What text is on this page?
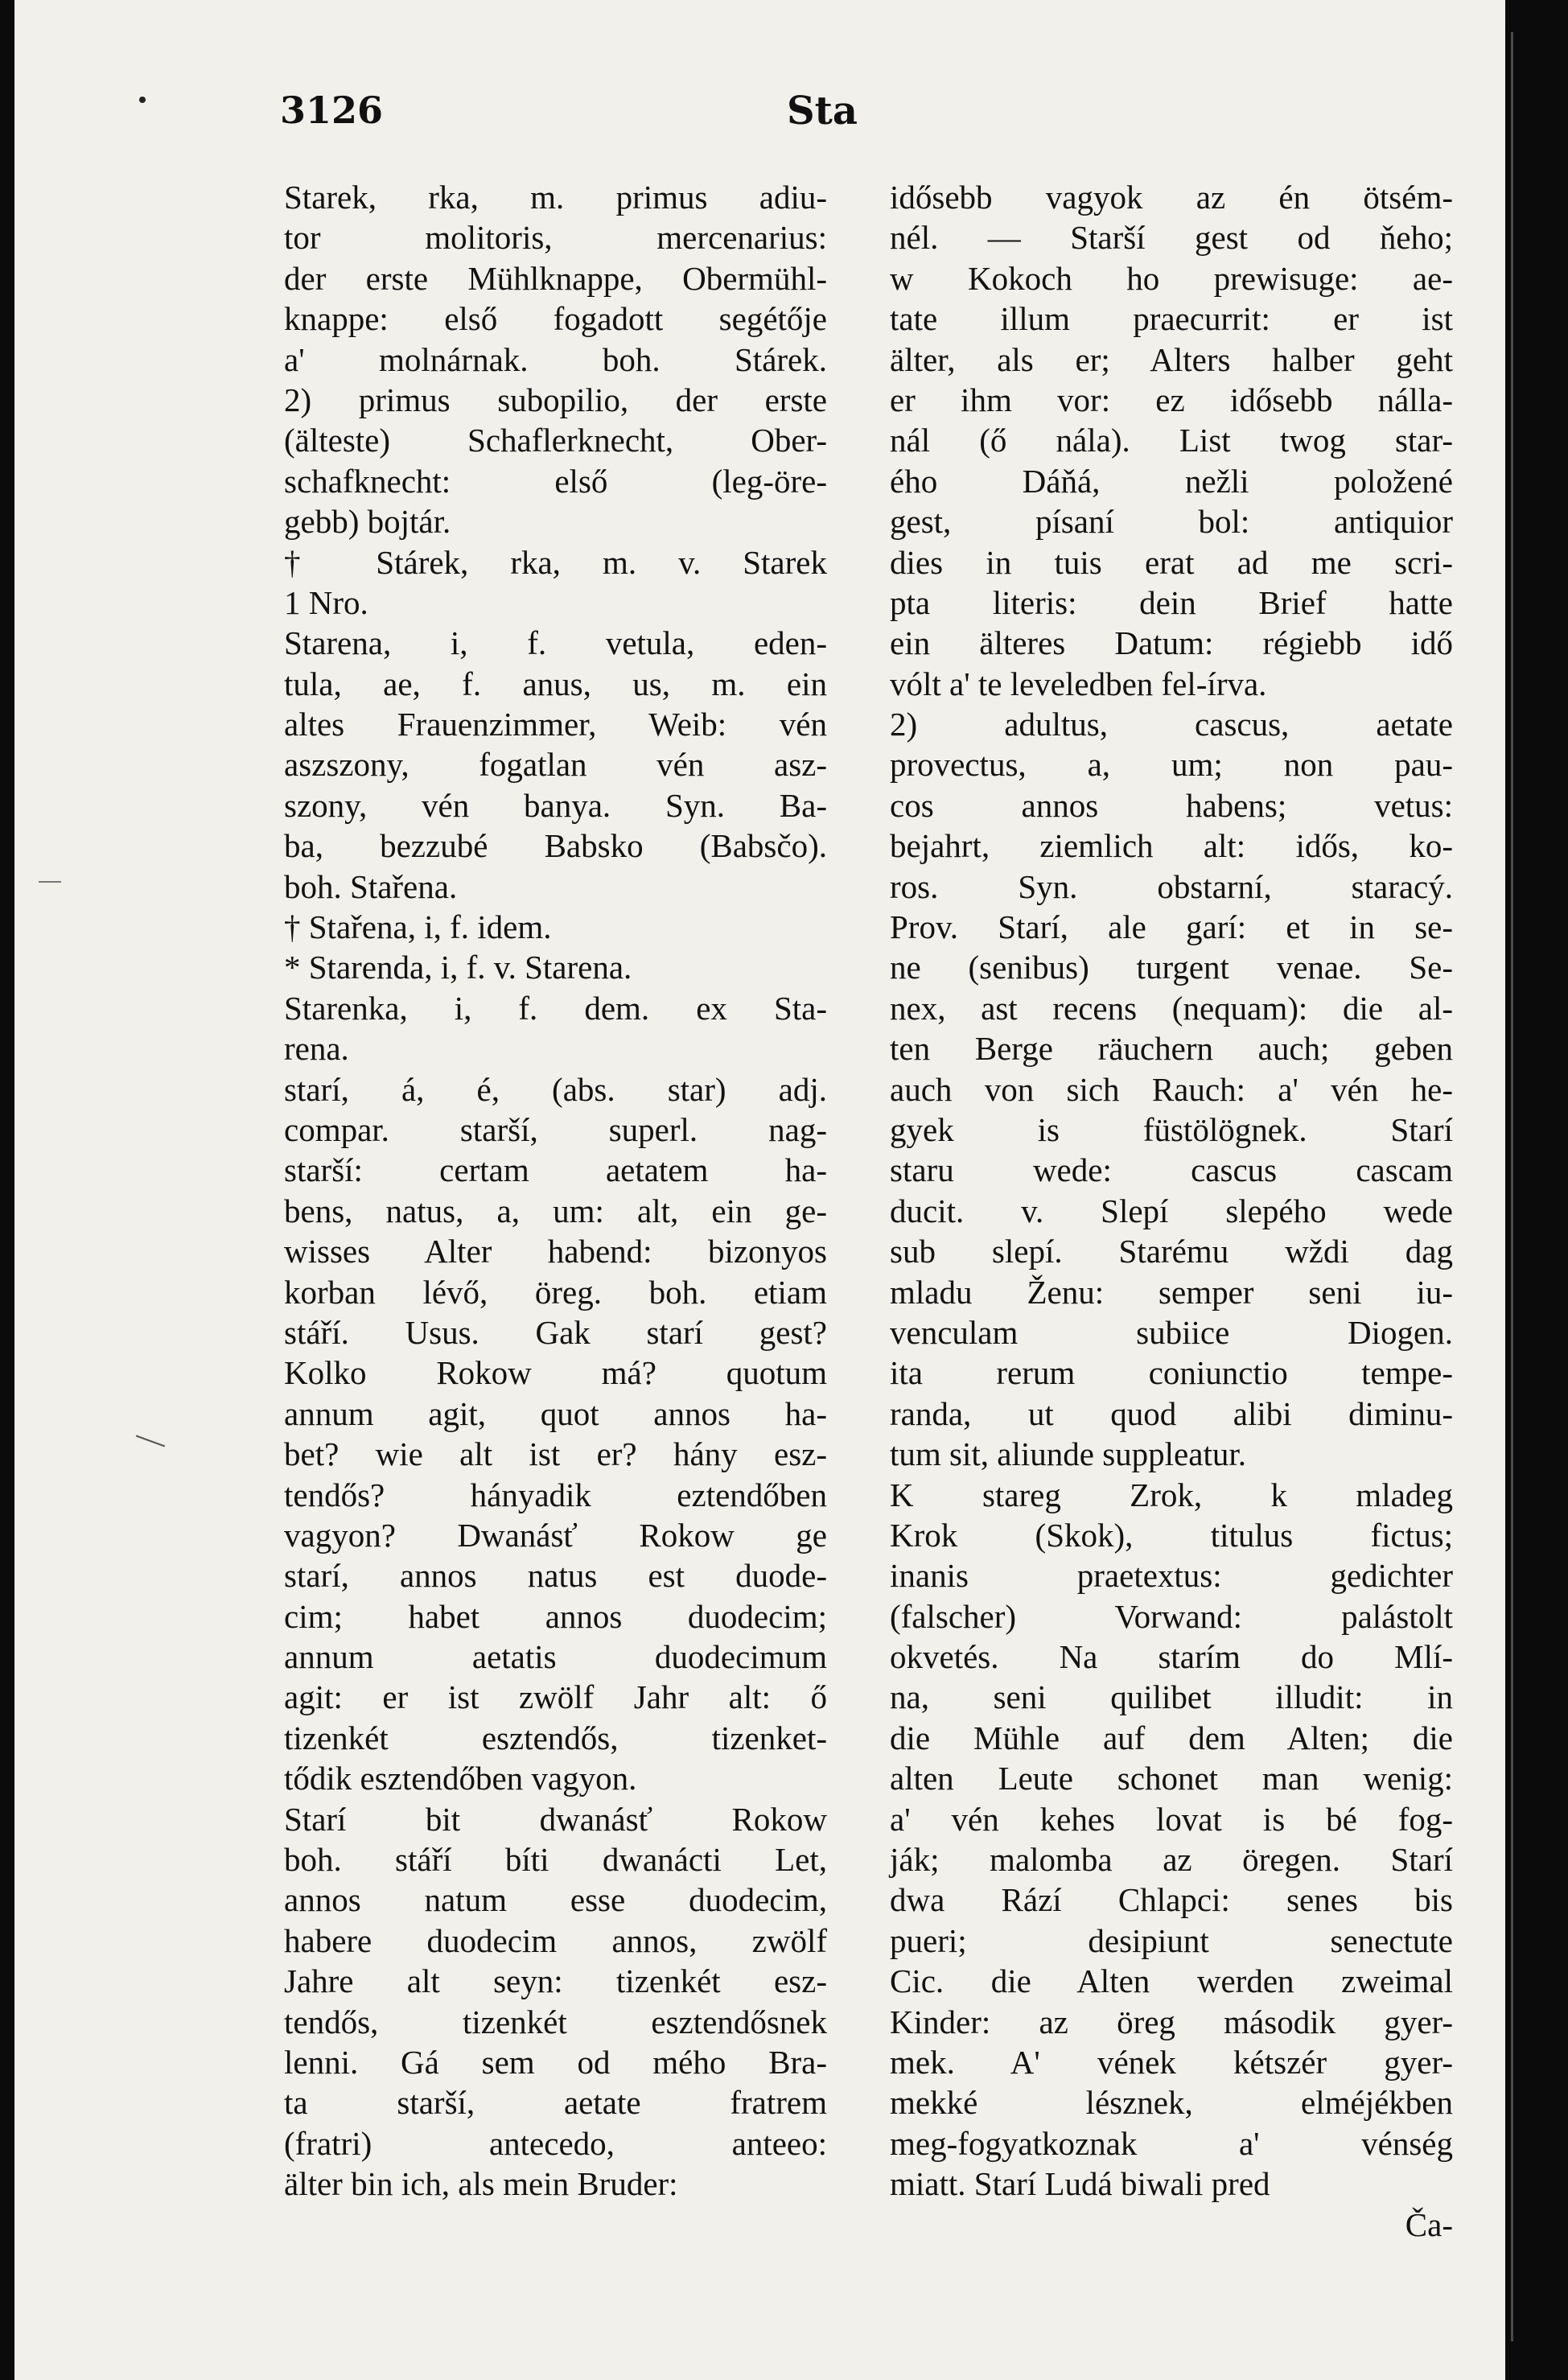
3126	Sta
Starek, rka, m. primus adiu-
tor molitoris, mercenarius:
der erste Mühlknappe, Obermühl-
knappe: első fogadott segétője
a' molnárnak. boh. Stárek.
2) primus subopilio, der erste
(älteste) Schaflerknecht, Ober-
schafknecht: első (leg-öre-
gebb) bojtár.
† Stárek, rka, m. v. Starek
1 Nro.
Starena, i, f. vetula, eden-
tula, ae, f. anus, us, m. ein
altes Frauenzimmer, Weib: vén
aszszony, fogatlan vén asz-
szony, vén banya. Syn. Ba-
ba, bezzubé Babsko (Babsčo).
boh. Stařena.
† Stařena, i, f. idem.
* Starenda, i, f. v. Starena.
Starenka, i, f. dem. ex Sta-
rena.
starí, á, é, (abs. star) adj.
compar. starší, superl. nag-
starší: certam aetatem ha-
bens, natus, a, um: alt, ein ge-
wisses Alter habend: bizonyos
korban lévő, öreg. boh. etiam
stáří. Usus. Gak starí gest?
Kolko Rokow má? quotum
annum agit, quot annos ha-
bet? wie alt ist er? hány esz-
tendős? hányadik eztendőben
vagyon? Dwanásť Rokow ge
starí, annos natus est duode-
cim; habet annos duodecim;
annum aetatis duodecimum
agit: er ist zwölf Jahr alt: ő
tizenkét esztendős, tizenket-
tődik esztendőben vagyon.
Starí bit dwanásť Rokow
boh. stáří bíti dwanácti Let,
annos natum esse duodecim,
habere duodecim annos, zwölf
Jahre alt seyn: tizenkét esz-
tendős, tizenkét esztendősnek
lenni. Gá sem od mého Bra-
ta starší, aetate fratrem
(fratri) antecedo, anteeo:
älter bin ich, als mein Bruder:
idősebb vagyok az én ötsém-
nél. — Starší gest od ňeho;
w Kokoch ho prewisuge: ae-
tate illum praecurrit: er ist
älter, als er; Alters halber geht
er ihm vor: ez idősebb nálla-
nál (ő nála). List twog star-
ého Dáňá, nežli položené
gest, písaní bol: antiquior
dies in tuis erat ad me scri-
pta literis: dein Brief hatte
ein älteres Datum: régiebb idő
vólt a' te leveledben fel-írva.
2) adultus, cascus, aetate
provectus, a, um; non pau-
cos annos habens; vetus:
bejahrt, ziemlich alt: idős, ko-
ros. Syn. obstarní, staracý.
Prov. Starí, ale garí: et in se-
ne (senibus) turgent venae. Se-
nex, ast recens (nequam): die al-
ten Berge räuchern auch; geben
auch von sich Rauch: a' vén he-
gyek is füstölögnek. Starí
staru wede: cascus cascam
ducit. v. Slepí slepého wede
sub slepí. Starému wždi dag
mladu Ženu: semper seni iu-
venculam subiice Diogen.
ita rerum coniunctio tempe-
randa, ut quod alibi diminu-
tum sit, aliunde suppleatur.
K stareg Zrok, k mladeg
Krok (Skok), titulus fictus;
inanis praetextus: gedichter
(falscher) Vorwand: palástolt
okvetés. Na starím do Mlí-
na, seni quilibet illudit: in
die Mühle auf dem Alten; die
alten Leute schonet man wenig:
a' vén kehes lovat is bé fog-
ják; malomba az öregen. Starí
dwa Rází Chlapci: senes bis
pueri; desipiunt senectute
Cic. die Alten werden zweimal
Kinder: az öreg második gyer-
mek. A' vének kétszér gyer-
mekké lésznek, elméjékben
meg-fogyatkoznak a' vénség
miatt. Starí Ludá biwali pred
Ča-
